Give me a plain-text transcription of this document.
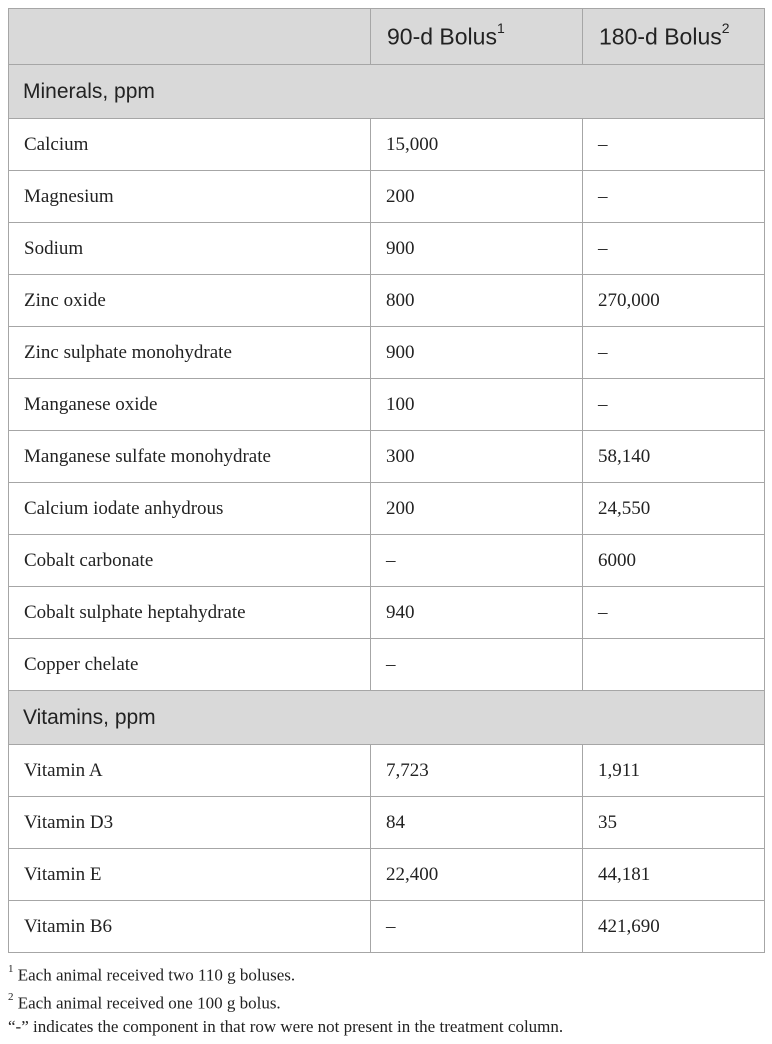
	90-d Bolus$^1$	180-d Bolus$^2$
Minerals, ppm		
Calcium	15,000	–
Magnesium	200	–
Sodium	900	–
Zinc oxide	800	270,000
Zinc sulphate monohydrate	900	–
Manganese oxide	100	–
Manganese sulfate monohydrate	300	58,140
Calcium iodate anhydrous	200	24,550
Cobalt carbonate	–	6000
Cobalt sulphate heptahydrate	940	–
Copper chelate	–	
Vitamins, ppm		
Vitamin A	7,723	1,911
Vitamin D3	84	35
Vitamin E	22,400	44,181
Vitamin B6	–	421,690

$^1$ Each animal received two 110 g boluses.

$^2$ Each animal received one 100 g bolus.

“-” indicates the component in that row were not present in the treatment column.
